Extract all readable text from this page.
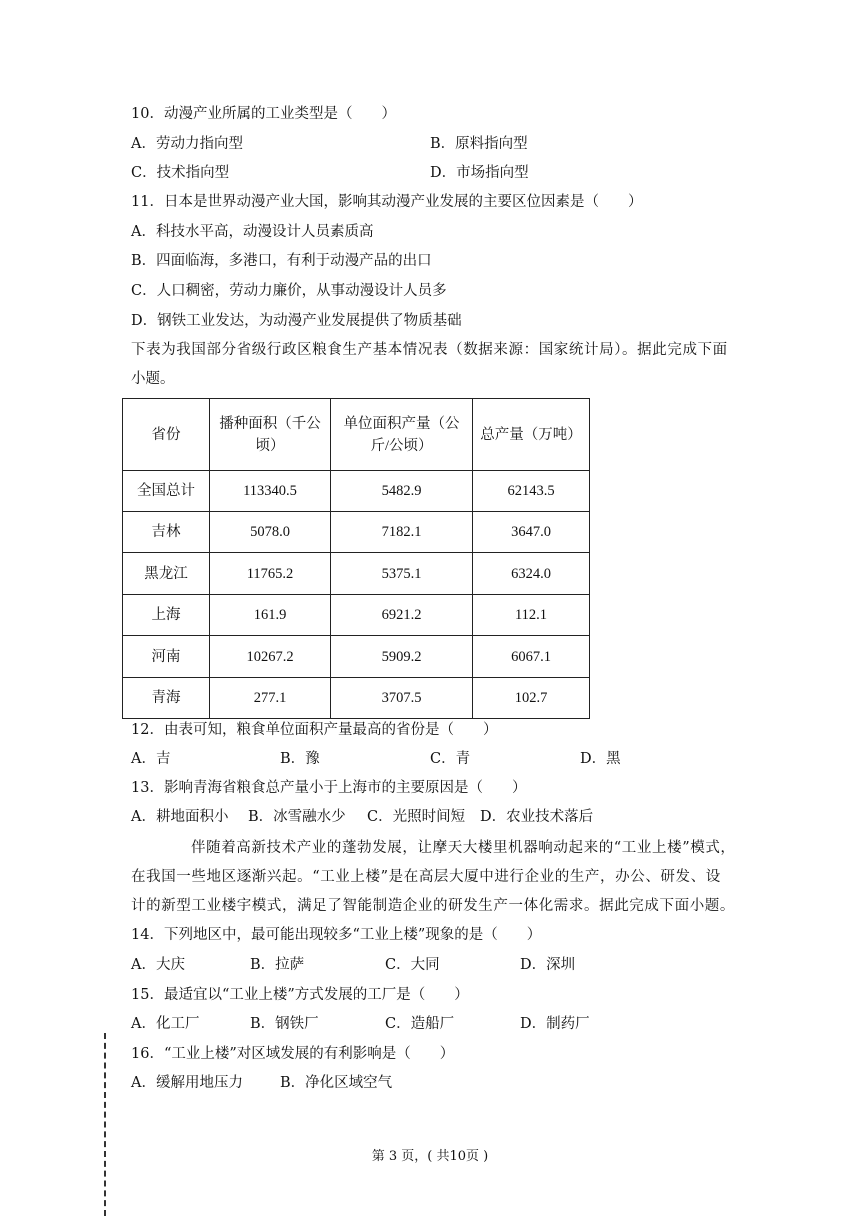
10．动漫产业所属的工业类型是（　　）
A．劳动力指向型	B．原料指向型
C．技术指向型	D．市场指向型
11．日本是世界动漫产业大国，影响其动漫产业发展的主要区位因素是（　　）
A．科技水平高，动漫设计人员素质高
B．四面临海，多港口，有利于动漫产品的出口
C．人口稠密，劳动力廉价，从事动漫设计人员多
D．钢铁工业发达，为动漫产业发展提供了物质基础
下表为我国部分省级行政区粮食生产基本情况表（数据来源：国家统计局）。据此完成下面
小题。
省份	播种面积（千公
顷）	单位面积产量（公
斤/公顷）	总产量（万吨）
全国总计	113340.5	5482.9	62143.5
吉林	5078.0	7182.1	3647.0
黑龙江	11765.2	5375.1	6324.0
上海	161.9	6921.2	112.1
河南	10267.2	5909.2	6067.1
青海	277.1	3707.5	102.7
12．由表可知，粮食单位面积产量最高的省份是（　　）
A．吉	B．豫	C．青	D．黑
13．影响青海省粮食总产量小于上海市的主要原因是（　　）
A．耕地面积小 B．冰雪融水少 C．光照时间短 D．农业技术落后
伴随着高新技术产业的蓬勃发展，让摩天大楼里机器响动起来的“工业上楼”模式，
在我国一些地区逐渐兴起。“工业上楼”是在高层大厦中进行企业的生产，办公、研发、设
计的新型工业楼宇模式，满足了智能制造企业的研发生产一体化需求。据此完成下面小题。
14．下列地区中，最可能出现较多“工业上楼”现象的是（　　）
A．大庆	B．拉萨	C．大同	D．深圳
15．最适宜以“工业上楼”方式发展的工厂是（　　）
A．化工厂	B．钢铁厂	C．造船厂	D．制药厂
16．“工业上楼”对区域发展的有利影响是（　　）
A．缓解用地压力	B．净化区域空气
第 3 页，( 共10页 )
